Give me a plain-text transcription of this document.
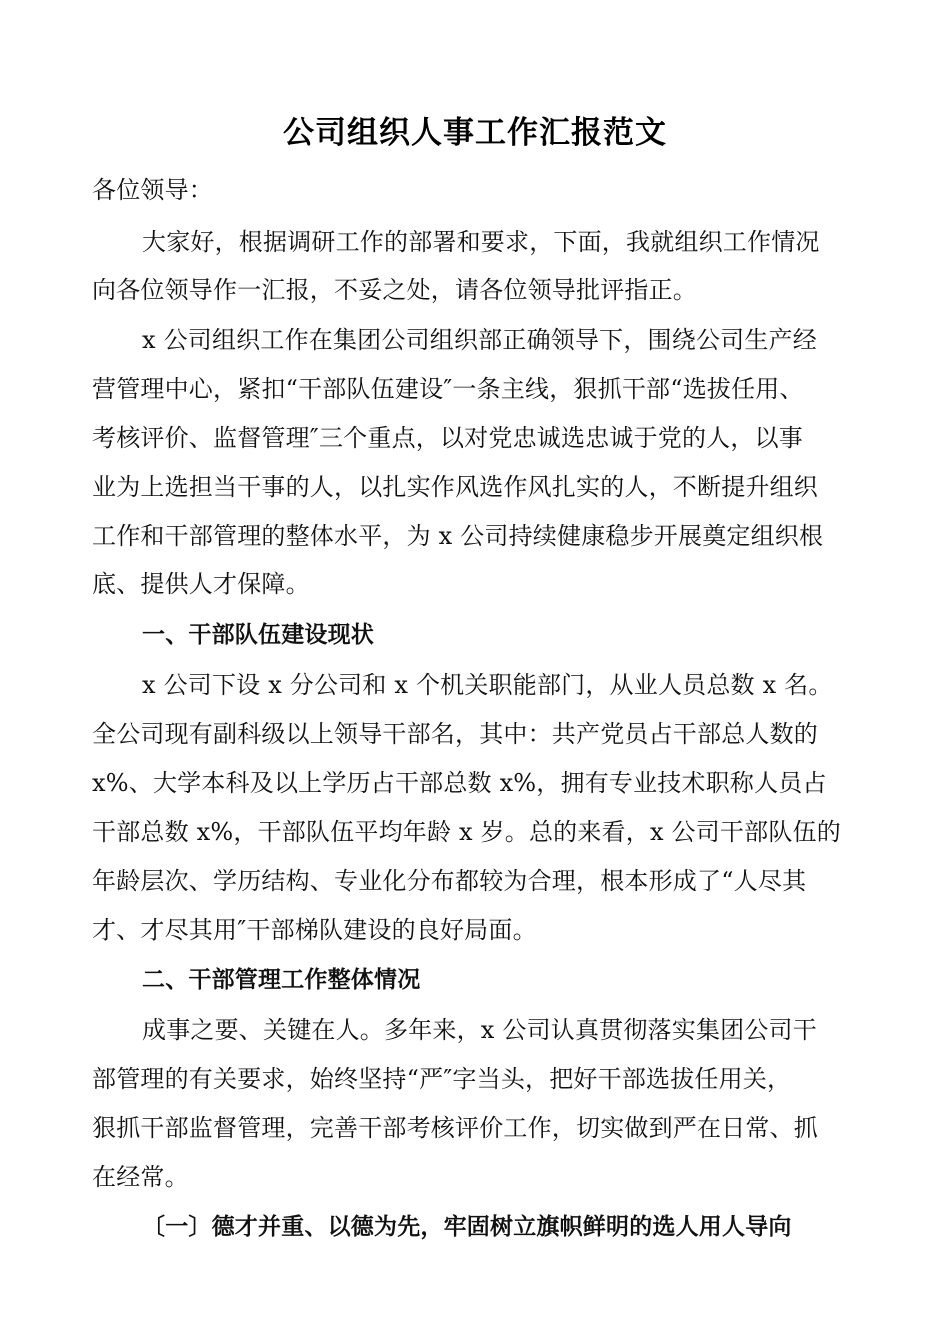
公司组织人事工作汇报范文
各位领导：
大家好，根据调研工作的部署和要求，下面，我就组织工作情况
向各位领导作一汇报，不妥之处，请各位领导批评指正。
x 公司组织工作在集团公司组织部正确领导下，围绕公司生产经
营管理中心，紧扣“干部队伍建设″一条主线，狠抓干部“选拔任用、
考核评价、监督管理″三个重点，以对党忠诚选忠诚于党的人，以事
业为上选担当干事的人，以扎实作风选作风扎实的人，不断提升组织
工作和干部管理的整体水平，为 x 公司持续健康稳步开展奠定组织根
底、提供人才保障。
一、干部队伍建设现状
x 公司下设 x 分公司和 x 个机关职能部门，从业人员总数 x 名。
全公司现有副科级以上领导干部名，其中：共产党员占干部总人数的
x%、大学本科及以上学历占干部总数 x%，拥有专业技术职称人员占
干部总数 x%，干部队伍平均年龄 x 岁。总的来看，x 公司干部队伍的
年龄层次、学历结构、专业化分布都较为合理，根本形成了“人尽其
才、才尽其用″干部梯队建设的良好局面。
二、干部管理工作整体情况
成事之要、关键在人。多年来，x 公司认真贯彻落实集团公司干
部管理的有关要求，始终坚持“严″字当头，把好干部选拔任用关，
狠抓干部监督管理，完善干部考核评价工作，切实做到严在日常、抓
在经常。
〔一〕德才并重、以德为先，牢固树立旗帜鲜明的选人用人导向
